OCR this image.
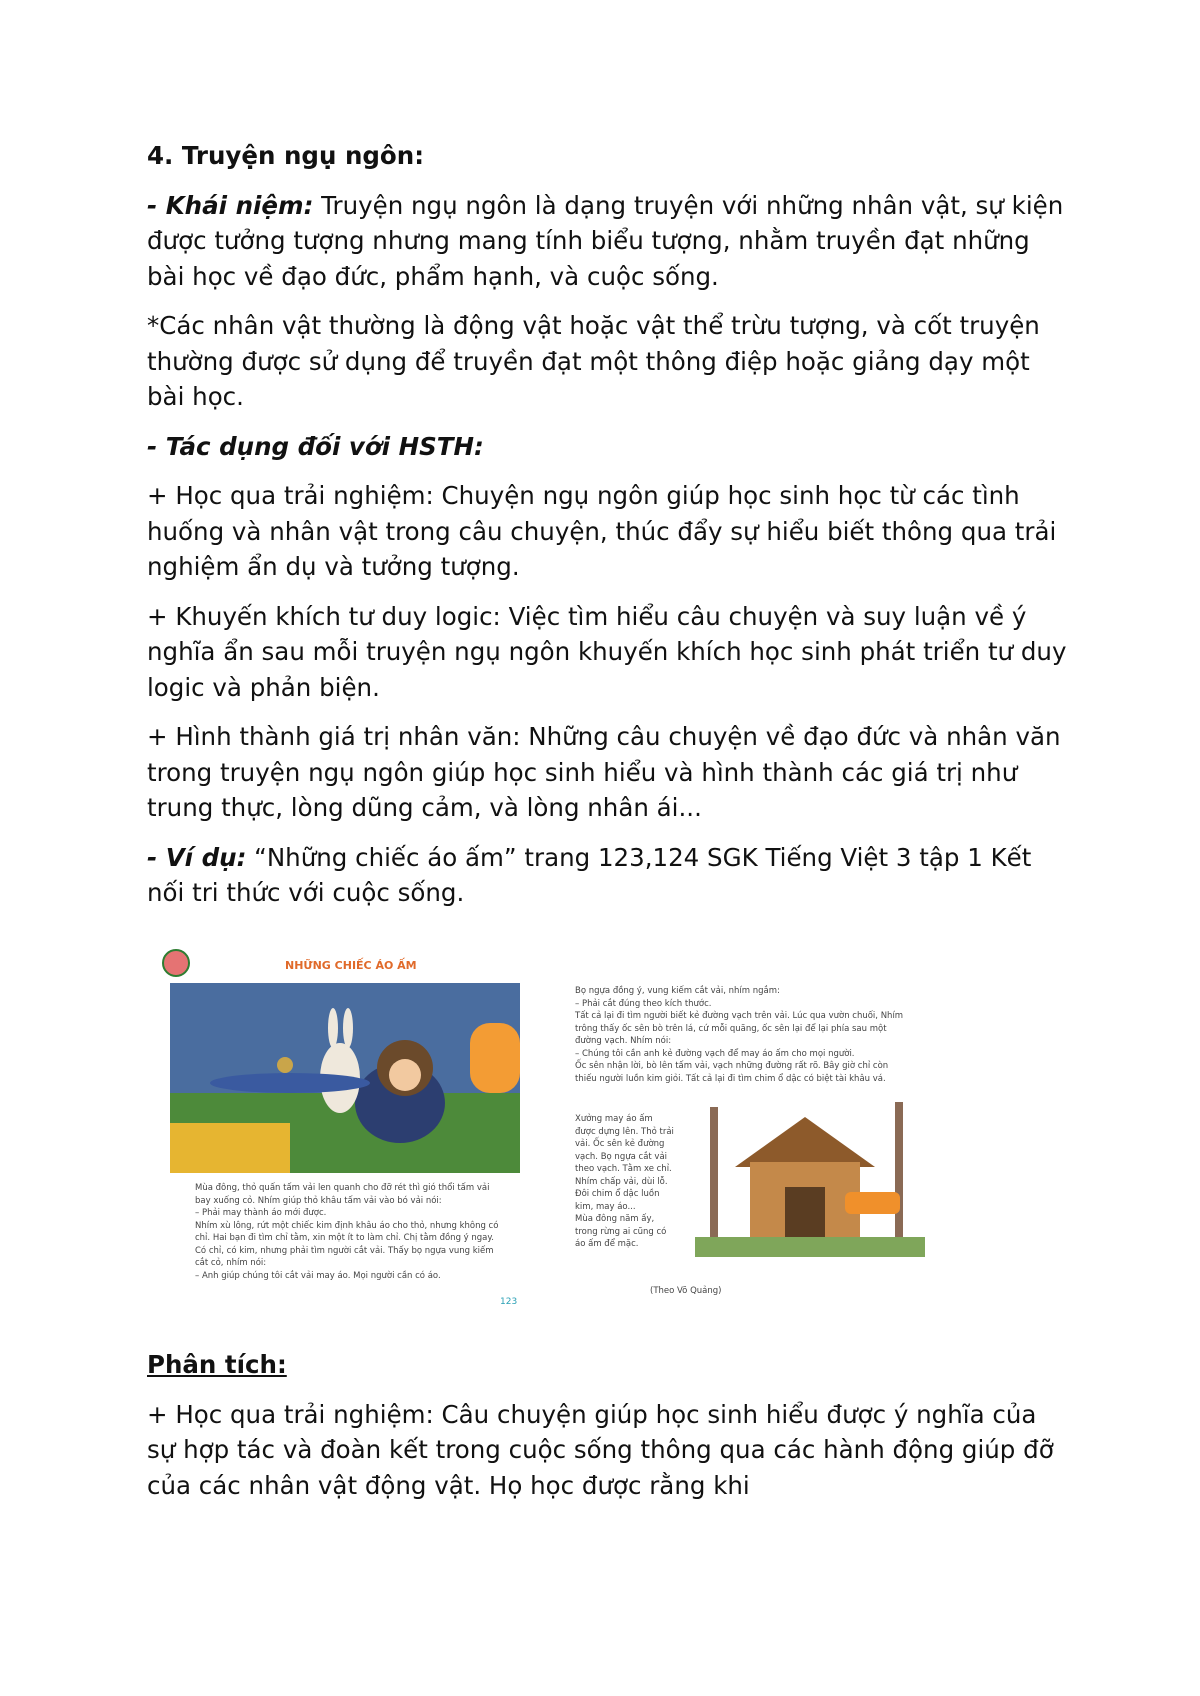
4. Truyện ngụ ngôn:

- Khái niệm: Truyện ngụ ngôn là dạng truyện với những nhân vật, sự kiện được tưởng tượng nhưng mang tính biểu tượng, nhằm truyền đạt những bài học về đạo đức, phẩm hạnh, và cuộc sống.

*Các nhân vật thường là động vật hoặc vật thể trừu tượng, và cốt truyện thường được sử dụng để truyền đạt một thông điệp hoặc giảng dạy một bài học.

- Tác dụng đối với HSTH:

+ Học qua trải nghiệm: Chuyện ngụ ngôn giúp học sinh học từ các tình huống và nhân vật trong câu chuyện, thúc đẩy sự hiểu biết thông qua trải nghiệm ẩn dụ và tưởng tượng.

+ Khuyến khích tư duy logic: Việc tìm hiểu câu chuyện và suy luận về ý nghĩa ẩn sau mỗi truyện ngụ ngôn khuyến khích học sinh phát triển tư duy logic và phản biện.

+ Hình thành giá trị nhân văn: Những câu chuyện về đạo đức và nhân văn trong truyện ngụ ngôn giúp học sinh hiểu và hình thành các giá trị như trung thực, lòng dũng cảm, và lòng nhân ái...

- Ví dụ: “Những chiếc áo ấm” trang 123,124 SGK Tiếng Việt 3 tập 1 Kết nối tri thức với cuộc sống.

NHỮNG CHIẾC ÁO ẤM

Mùa đông, thỏ quấn tấm vải len quanh cho đỡ rét thì gió thổi tấm vải bay xuống cỏ. Nhím giúp thỏ khâu tấm vải vào bó vải nói:

– Phải may thành áo mới được.

Nhím xù lông, rứt một chiếc kim định khâu áo cho thỏ, nhưng không có chỉ. Hai bạn đi tìm chỉ tằm, xin một ít to làm chỉ. Chị tằm đồng ý ngay. Có chỉ, có kim, nhưng phải tìm người cắt vải. Thấy bọ ngựa vung kiếm cắt cỏ, nhím nói:

– Anh giúp chúng tôi cắt vải may áo. Mọi người cần có áo.

123

Bọ ngựa đồng ý, vung kiếm cắt vải, nhím ngắm:

– Phải cắt đúng theo kích thước.

Tất cả lại đi tìm người biết kẻ đường vạch trên vải. Lúc qua vườn chuối, Nhím trông thấy ốc sên bò trên lá, cứ mỗi quãng, ốc sên lại để lại phía sau một đường vạch. Nhím nói:

– Chúng tôi cần anh kẻ đường vạch để may áo ấm cho mọi người.

Ốc sên nhận lời, bò lên tấm vải, vạch những đường rất rõ. Bây giờ chỉ còn thiếu người luồn kim giỏi. Tất cả lại đi tìm chim ổ dậc có biệt tài khâu vá.

Xưởng may áo ấm được dựng lên. Thỏ trải vải. Ốc sên kẻ đường vạch. Bọ ngựa cắt vải theo vạch. Tằm xe chỉ. Nhím chấp vải, dùi lỗ. Đôi chim ổ dậc luồn kim, may áo...

Mùa đông năm ấy, trong rừng ai cũng có áo ấm để mặc.

(Theo Võ Quảng)

Phân tích:

+ Học qua trải nghiệm: Câu chuyện giúp học sinh hiểu được ý nghĩa của sự hợp tác và đoàn kết trong cuộc sống thông qua các hành động giúp đỡ của các nhân vật động vật. Họ học được rằng khi
